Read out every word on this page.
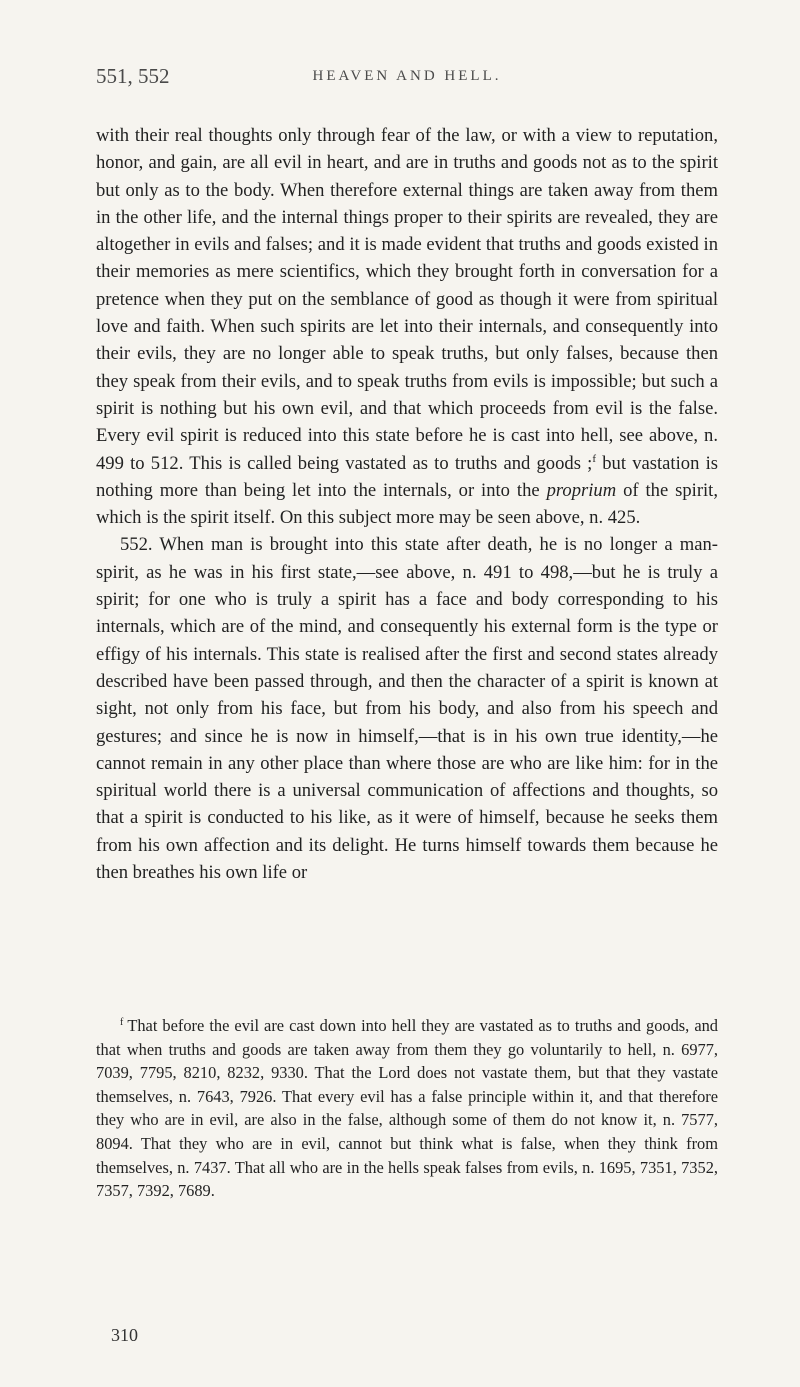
551, 552	HEAVEN AND HELL.

with their real thoughts only through fear of the law, or with a view to reputation, honor, and gain, are all evil in heart, and are in truths and goods not as to the spirit but only as to the body. When therefore external things are taken away from them in the other life, and the internal things proper to their spirits are revealed, they are altogether in evils and falses; and it is made evident that truths and goods existed in their memories as mere scientifics, which they brought forth in conversation for a pretence when they put on the semblance of good as though it were from spiritual love and faith. When such spirits are let into their internals, and consequently into their evils, they are no longer able to speak truths, but only falses, because then they speak from their evils, and to speak truths from evils is impossible; but such a spirit is nothing but his own evil, and that which proceeds from evil is the false. Every evil spirit is reduced into this state before he is cast into hell, see above, n. 499 to 512. This is called being vastated as to truths and goods ;$^f$ but vastation is nothing more than being let into the internals, or into the proprium of the spirit, which is the spirit itself. On this subject more may be seen above, n. 425.

552. When man is brought into this state after death, he is no longer a man-spirit, as he was in his first state,—see above, n. 491 to 498,—but he is truly a spirit; for one who is truly a spirit has a face and body corresponding to his internals, which are of the mind, and consequently his external form is the type or effigy of his internals. This state is realised after the first and second states already described have been passed through, and then the character of a spirit is known at sight, not only from his face, but from his body, and also from his speech and gestures; and since he is now in himself,—that is in his own true identity,—he cannot remain in any other place than where those are who are like him: for in the spiritual world there is a universal communication of affections and thoughts, so that a spirit is conducted to his like, as it were of himself, because he seeks them from his own affection and its delight. He turns himself towards them because he then breathes his own life or

$^f$ That before the evil are cast down into hell they are vastated as to truths and goods, and that when truths and goods are taken away from them they go voluntarily to hell, n. 6977, 7039, 7795, 8210, 8232, 9330. That the Lord does not vastate them, but that they vastate themselves, n. 7643, 7926. That every evil has a false principle within it, and that therefore they who are in evil, are also in the false, although some of them do not know it, n. 7577, 8094. That they who are in evil, cannot but think what is false, when they think from themselves, n. 7437. That all who are in the hells speak falses from evils, n. 1695, 7351, 7352, 7357, 7392, 7689.

310
